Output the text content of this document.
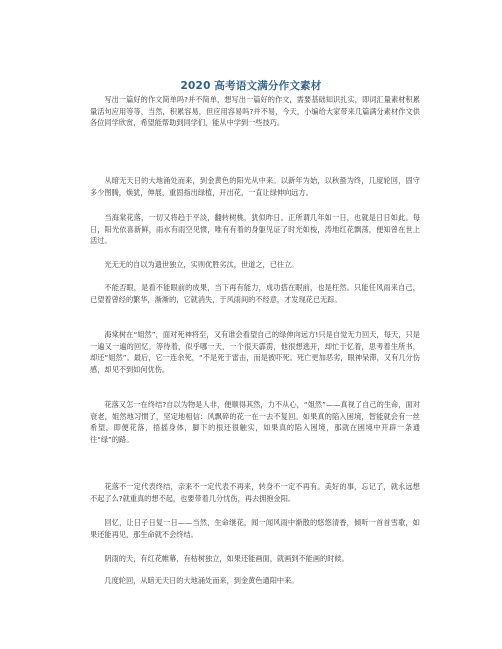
2020 高考语文满分作文素材

写出一篇好的作文简单吗?并不简单，想写出一篇好的作文，需要基础知识扎实，即词汇量素材积累量活句应用等等，当然，积累容易，但应用容易吗?并不易，今天，小编给大家带来几篇满分素材作文供各位同学欣赏，希望能帮助到同学们，能从中学到一些技巧。

从暗无天日的大地涌处而来，到金黄色的阳光从中来。以新年为始，以秋蛩为终，几度轮回，固守多少图腾，焕犹，伸展，重固指出绿植，开出花，一直让绿伸向远方。

当海棠花落，一切又将趋于平淡，翻转树桃，犹似昨日。正所谓几年如一日，也就是日日如此。每日，阳光依喜新鲜，雨水有雨空见惯，唯有有着的身躯见证了时光如梭，涛地红花飘荡，便知曾在世上活过。

光无无的自以为遗世独立，实则优胜劣汰，世道之，已往立。

不能否眼，是看不能眼前的成果，当下再有能力，成功搭在眼前，也是枉然。只能任风雨来自己，已望着曾经的繁华，渐渐的，它就消失，于风雨间的不经意，才发现花已无踪。

海棠树在“姐然”，面对死神将至，又有谁会看望自己的绿伸向远方!只是自觉无力回天，每天，只是一遍又一遍的回忆，等待着，似乎哪一天，一个很天霹雳，他很想逃开，却忙于忆着，思考着生所书，却还“姐然”。最后，它一连余死，“不是死于雷击，而是被吓死。死亡更加恶劣，眼神呆滞，又有几分伤感，却见不到如何优伤。

花落又怎一在终结?自以为物是人非，便顺得其然，力不从心，“姐然”——真视了自己的生命，面对衰老，姐然地习惯了，坚定地相信：风飘碎的花一在一去不复回。如果真的陷入困境，智能就会有一丝希望，即便花落，捂摇身体，脚下的根还很触实，如果真的陷入困境，那就在困境中开辟一条通往“绿”的路。

花落不一定代表终结，亲来不一定代表不再来，转身不一定不再有。美好的事，忘记了，就永远想不起了么?就重真的想不起，也要带着几分忧伤，再去拥抱金阳。

回忆，让日子日复一日——当然，生命继花，闻一闻风雨中渐散的悠悠清香，倾听一首首雪歌，如果还能再见，那生命就不会终结。

阴雨的天，有红花帷幕，有枯树独立，如果还能画面，就画到不能画的时候。

几度轮回，从暗无天日的大地涌处而来，到金黄色通阳中来。
